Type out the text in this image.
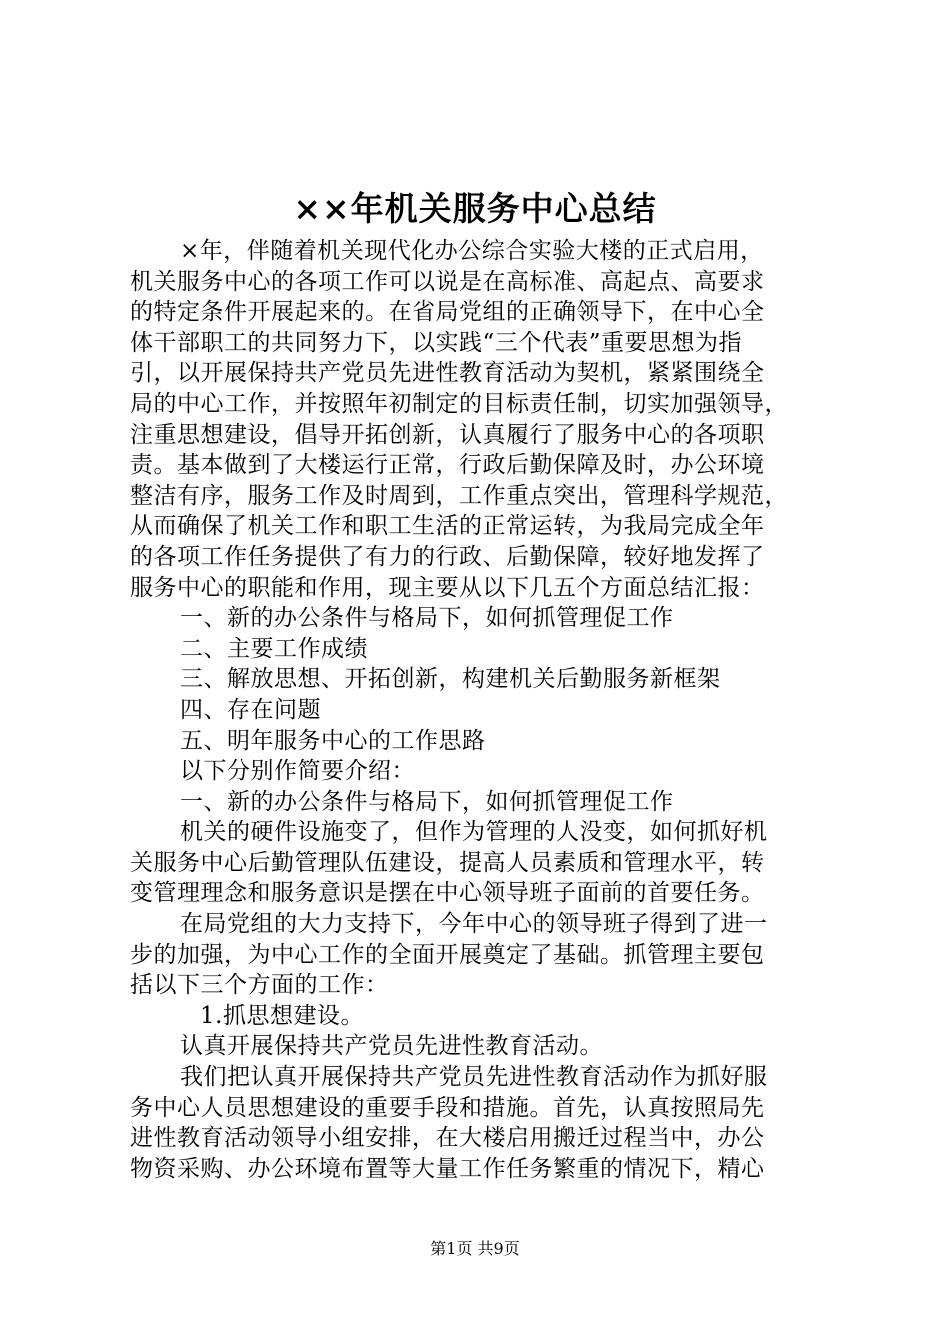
××年机关服务中心总结
×年，伴随着机关现代化办公综合实验大楼的正式启用，
机关服务中心的各项工作可以说是在高标准、高起点、高要求
的特定条件开展起来的。在省局党组的正确领导下，在中心全
体干部职工的共同努力下，以实践“三个代表”重要思想为指
引，以开展保持共产党员先进性教育活动为契机，紧紧围绕全
局的中心工作，并按照年初制定的目标责任制，切实加强领导，
注重思想建设，倡导开拓创新，认真履行了服务中心的各项职
责。基本做到了大楼运行正常，行政后勤保障及时，办公环境
整洁有序，服务工作及时周到，工作重点突出，管理科学规范，
从而确保了机关工作和职工生活的正常运转，为我局完成全年
的各项工作任务提供了有力的行政、后勤保障，较好地发挥了
服务中心的职能和作用，现主要从以下几五个方面总结汇报：
一、新的办公条件与格局下，如何抓管理促工作
二、主要工作成绩
三、解放思想、开拓创新，构建机关后勤服务新框架
四、存在问题
五、明年服务中心的工作思路
以下分别作简要介绍：
一、新的办公条件与格局下，如何抓管理促工作
机关的硬件设施变了，但作为管理的人没变，如何抓好机
关服务中心后勤管理队伍建设，提高人员素质和管理水平，转
变管理理念和服务意识是摆在中心领导班子面前的首要任务。
在局党组的大力支持下，今年中心的领导班子得到了进一
步的加强，为中心工作的全面开展奠定了基础。抓管理主要包
括以下三个方面的工作：
1.抓思想建设。
认真开展保持共产党员先进性教育活动。
我们把认真开展保持共产党员先进性教育活动作为抓好服
务中心人员思想建设的重要手段和措施。首先，认真按照局先
进性教育活动领导小组安排，在大楼启用搬迁过程当中，办公
物资采购、办公环境布置等大量工作任务繁重的情况下，精心
第1页 共9页
